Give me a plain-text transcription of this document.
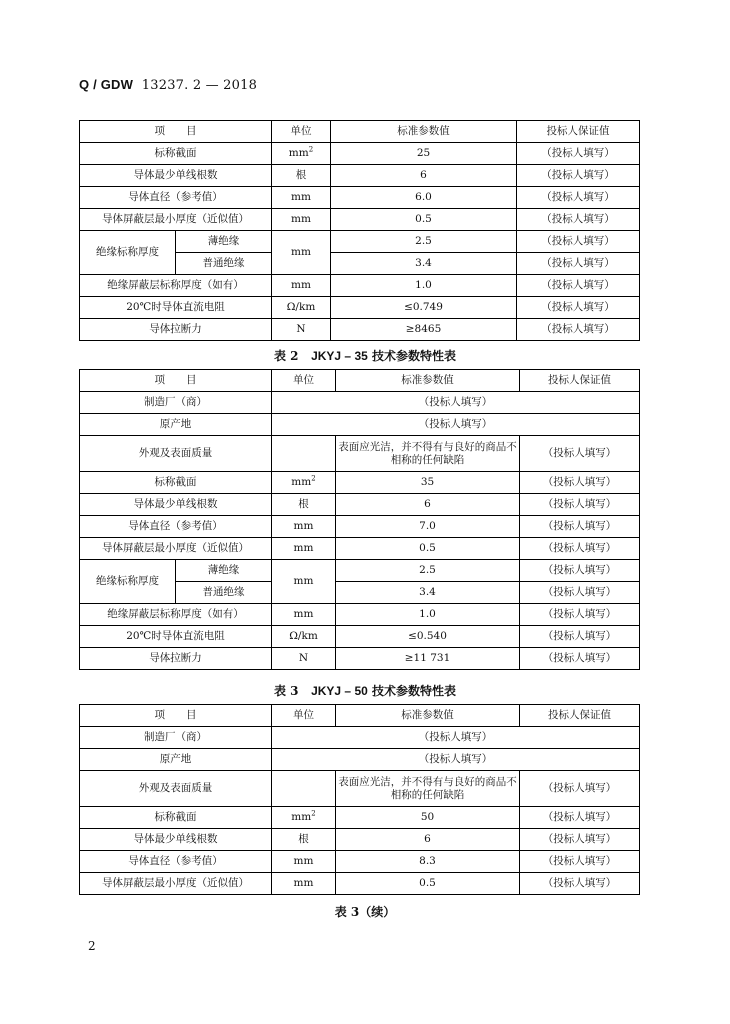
Q / GDW 13237. 2 — 2018
项　　目		单位	标准参数值	投标人保证值
标称截面		$mm^2$	25	（投标人填写）
导体最少单线根数		根	6	（投标人填写）
导体直径（参考值）		mm	6.0	（投标人填写）
导体屏蔽层最小厚度（近似值）		mm	0.5	（投标人填写）
绝缘标称厚度	薄绝缘	mm	2.5	（投标人填写）
	普通绝缘		3.4	（投标人填写）
绝缘屏蔽层标称厚度（如有）		mm	1.0	（投标人填写）
20℃时导体直流电阻		Ω/km	≤0.749	（投标人填写）
导体拉断力		N	≥8465	（投标人填写）
表 2 JKYJ – 35 技术参数特性表
项　　目		单位	标准参数值	投标人保证值
制造厂（商）		（投标人填写）		
原产地		（投标人填写）		
外观及表面质量			表面应光洁，并不得有与良好的商品不相称的任何缺陷	（投标人填写）
标称截面		$mm^2$	35	（投标人填写）
导体最少单线根数		根	6	（投标人填写）
导体直径（参考值）		mm	7.0	（投标人填写）
导体屏蔽层最小厚度（近似值）		mm	0.5	（投标人填写）
绝缘标称厚度	薄绝缘	mm	2.5	（投标人填写）
	普通绝缘		3.4	（投标人填写）
绝缘屏蔽层标称厚度（如有）		mm	1.0	（投标人填写）
20℃时导体直流电阻		Ω/km	≤0.540	（投标人填写）
导体拉断力		N	≥11 731	（投标人填写）
表 3 JKYJ – 50 技术参数特性表
项　　目	单位	标准参数值	投标人保证值
制造厂（商）	（投标人填写）		
原产地	（投标人填写）		
外观及表面质量		表面应光洁，并不得有与良好的商品不相称的任何缺陷	（投标人填写）
标称截面	$mm^2$	50	（投标人填写）
导体最少单线根数	根	6	（投标人填写）
导体直径（参考值）	mm	8.3	（投标人填写）
导体屏蔽层最小厚度（近似值）	mm	0.5	（投标人填写）
表 3（续）
2
